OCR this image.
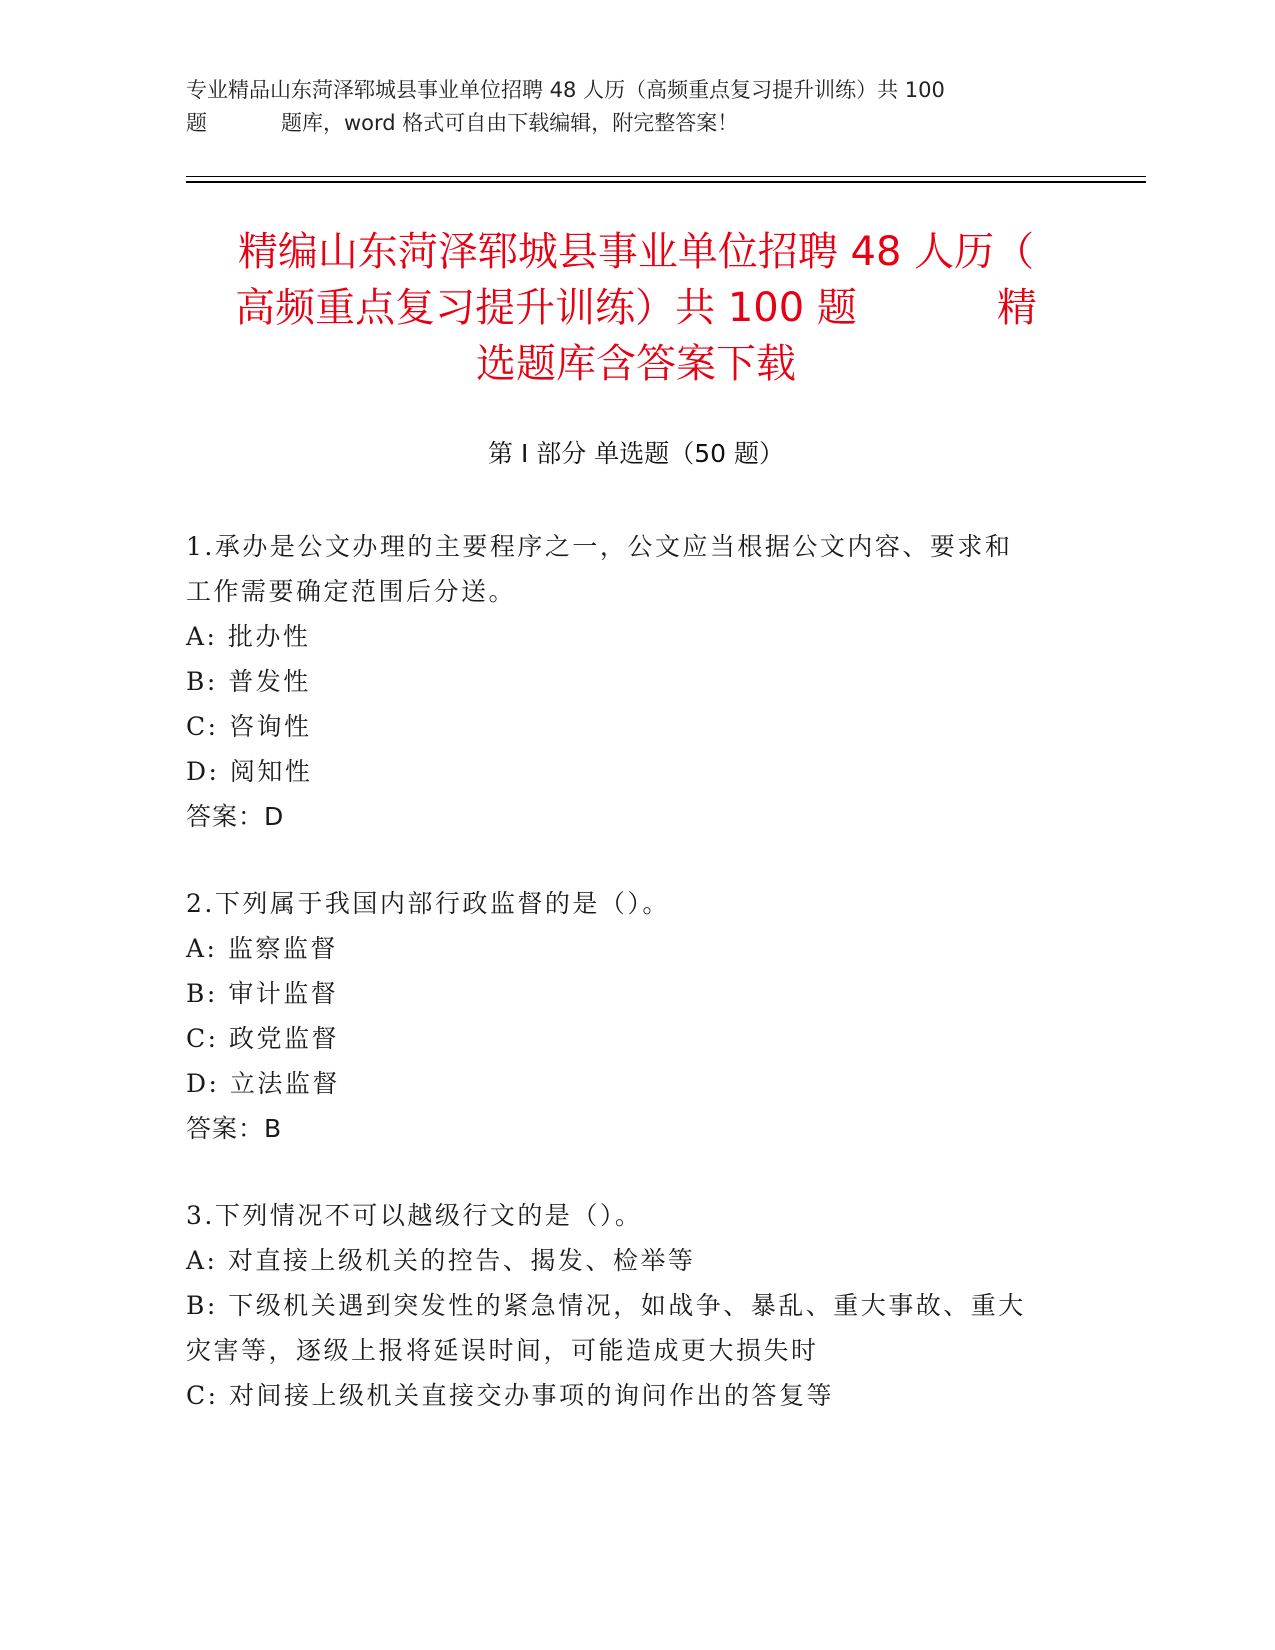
专业精品山东菏泽郓城县事业单位招聘 48 人历（高频重点复习提升训练）共 100
题	题库，word 格式可自由下载编辑，附完整答案！
精编山东菏泽郓城县事业单位招聘 48 人历（
高频重点复习提升训练）共 100 题	精
选题库含答案下载
第 I 部分 单选题（50 题）

1.承办是公文办理的主要程序之一，公文应当根据公文内容、要求和

工作需要确定范围后分送。

A: 批办性

B: 普发性

C: 咨询性

D: 阅知性

答案：D

2.下列属于我国内部行政监督的是（）。

A: 监察监督

B: 审计监督

C: 政党监督

D: 立法监督

答案：B

3.下列情况不可以越级行文的是（）。

A: 对直接上级机关的控告、揭发、检举等

B: 下级机关遇到突发性的紧急情况，如战争、暴乱、重大事故、重大

灾害等，逐级上报将延误时间，可能造成更大损失时

C: 对间接上级机关直接交办事项的询问作出的答复等
